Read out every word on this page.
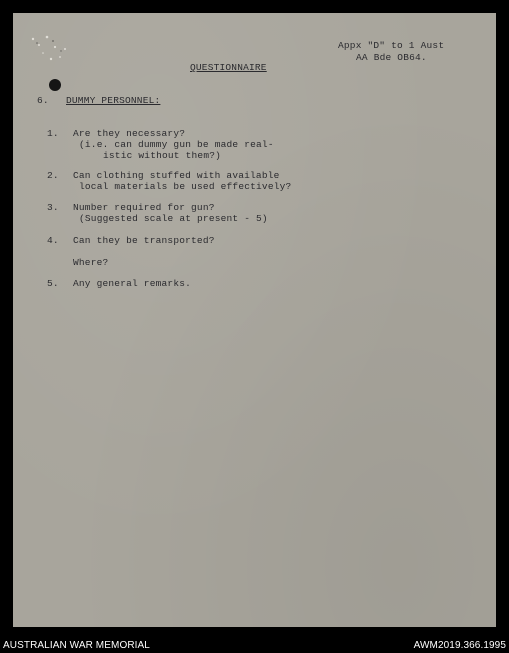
Appx "D" to 1 Aust
AA Bde OB64.
QUESTIONNAIRE
6. DUMMY PERSONNEL:
1. Are they necessary?
(i.e. can dummy gun be made real-
istic without them?)
2. Can clothing stuffed with available
local materials be used effectively?
3. Number required for gun?
(Suggested scale at present - 5)
4. Can they be transported?
Where?
5. Any general remarks.
AUSTRALIAN WAR MEMORIAL	AWM2019.366.1995
